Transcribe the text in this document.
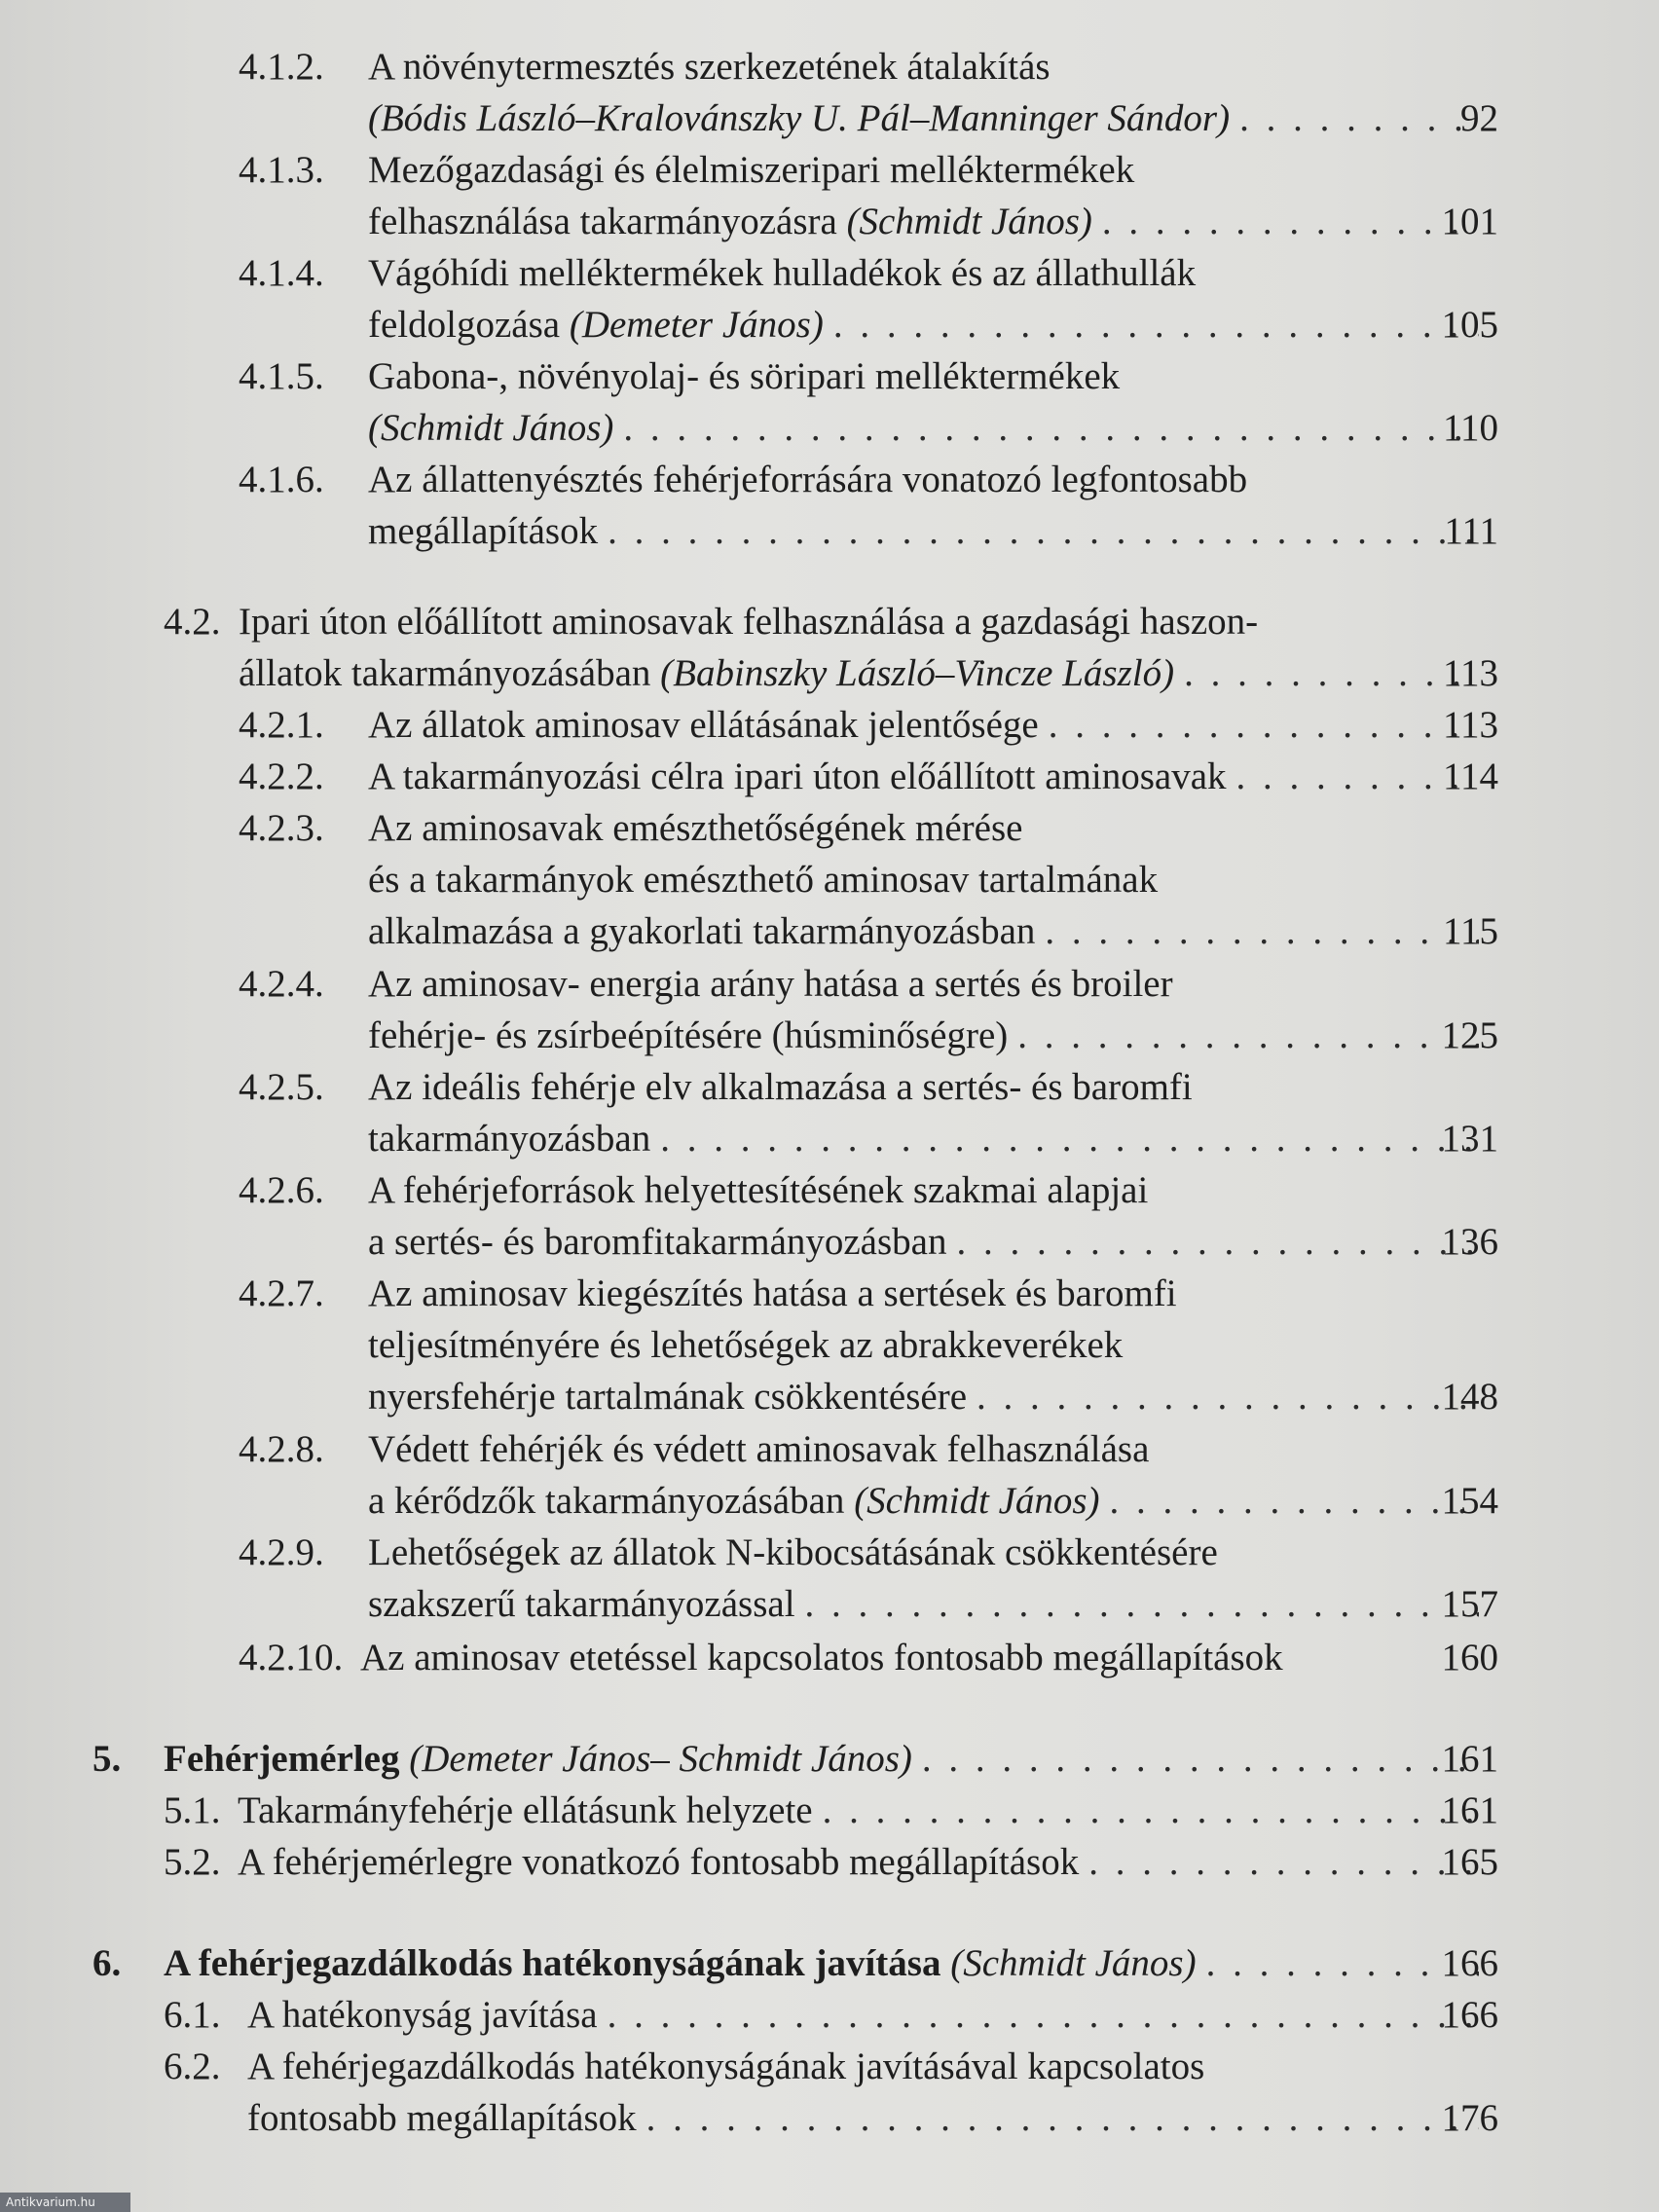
4.1.2. A növénytermesztés szerkezetének átalakítás
(Bódis László–Kralovánszky U. Pál–Manninger Sándor) . . .	92
4.1.3. Mezőgazdasági és élelmiszeripari melléktermékek
felhasználása takarmányozásra (Schmidt János) . . .	101
4.1.4. Vágóhídi melléktermékek hulladékok és az állathullák
feldolgozása (Demeter János) . . .	105
4.1.5. Gabona-, növényolaj- és söripari melléktermékek
(Schmidt János) . . .	110
4.1.6. Az állattenyésztés fehérjeforrására vonatozó legfontosabb
megállapítások . . .	111
4.2. Ipari úton előállított aminosavak felhasználása a gazdasági haszon-
állatok takarmányozásában (Babinszky László–Vincze László) . . .	113
4.2.1. Az állatok aminosav ellátásának jelentősége . . .	113
4.2.2. A takarmányozási célra ipari úton előállított aminosavak . . .	114
4.2.3. Az aminosavak emészthetőségének mérése
és a takarmányok emészthető aminosav tartalmának
alkalmazása a gyakorlati takarmányozásban . . .	115
4.2.4. Az aminosav- energia arány hatása a sertés és broiler
fehérje- és zsírbeépítésére (húsminőségre) . . .	125
4.2.5. Az ideális fehérje elv alkalmazása a sertés- és baromfi
takarmányozásban . . .	131
4.2.6. A fehérjeforrások helyettesítésének szakmai alapjai
a sertés- és baromfitakarmányozásban . . .	136
4.2.7. Az aminosav kiegészítés hatása a sertések és baromfi
teljesítményére és lehetőségek az abrakkeverékek
nyersfehérje tartalmának csökkentésére . . .	148
4.2.8. Védett fehérjék és védett aminosavak felhasználása
a kérődzők takarmányozásában (Schmidt János) . . .	154
4.2.9. Lehetőségek az állatok N-kibocsátásának csökkentésére
szakszerű takarmányozással . . .	157
4.2.10. Az aminosav etetéssel kapcsolatos fontosabb megállapítások	160
5. Fehérjemérleg (Demeter János– Schmidt János) . . .	161
5.1. Takarmányfehérje ellátásunk helyzete . . .	161
5.2. A fehérjemérlegre vonatkozó fontosabb megállapítások . . .	165
6. A fehérjegazdálkodás hatékonyságának javítása (Schmidt János) . . .	166
6.1. A hatékonyság javítása . . .	166
6.2. A fehérjegazdálkodás hatékonyságának javításával kapcsolatos
fontosabb megállapítások . . .	176
Antikvarium.hu
